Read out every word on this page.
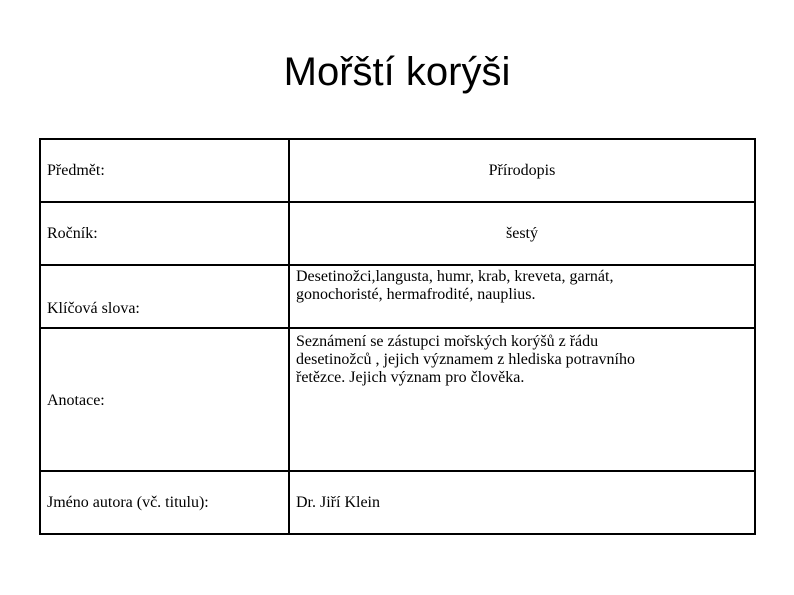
Mořští korýši
Předmět:	Přírodopis
Ročník:	šestý
Klíčová slova:	Desetinožci,langusta, humr, krab, kreveta, garnát,
gonochoristé, hermafrodité, nauplius.

Anotace:	Seznámení se zástupci mořských korýšů z řádu
desetinožců , jejich významem z hlediska potravního
řetězce. Jejich význam pro člověka.

Jméno autora (vč. titulu):	Dr. Jiří Klein
